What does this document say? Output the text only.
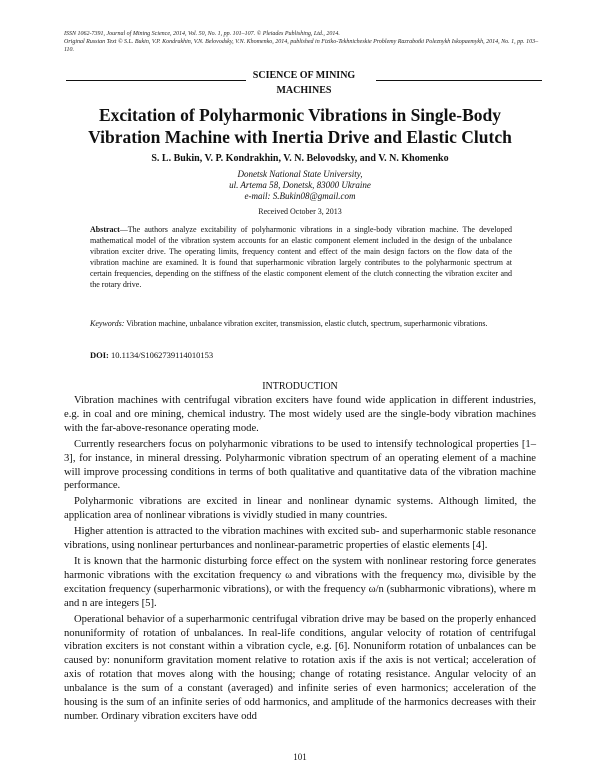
ISSN 1062-7391, Journal of Mining Science, 2014, Vol. 50, No. 1, pp. 101–107. © Pleiades Publishing, Ltd., 2014.
Original Russian Text © S.L. Bukin, V.P. Kondrakhin, V.N. Belovodsky, V.N. Khomenko, 2014, published in Fiziko-Tekhnicheskie Problemy Razrabotki Poleznykh Iskopaemykh, 2014, No. 1, pp. 103–110.
SCIENCE OF MINING
MACHINES
Excitation of Polyharmonic Vibrations in Single-Body
Vibration Machine with Inertia Drive and Elastic Clutch
S. L. Bukin, V. P. Kondrakhin, V. N. Belovodsky, and V. N. Khomenko
Donetsk National State University,
ul. Artema 58, Donetsk, 83000 Ukraine
e-mail: S.Bukin08@gmail.com
Received October 3, 2013
Abstract—The authors analyze excitability of polyharmonic vibrations in a single-body vibration machine. The developed mathematical model of the vibration system accounts for an elastic component element included in the design of the unbalance vibration exciter drive. The operating limits, frequency content and effect of the main design factors on the flow data of the vibration machine are examined. It is found that superharmonic vibration largely contributes to the polyharmonic spectrum at certain frequencies, depending on the stiffness of the elastic component element of the clutch connecting the vibration exciter and the rotary drive.
Keywords: Vibration machine, unbalance vibration exciter, transmission, elastic clutch, spectrum, superharmonic vibrations.
DOI: 10.1134/S1062739114010153
INTRODUCTION

Vibration machines with centrifugal vibration exciters have found wide application in different industries, e.g. in coal and ore mining, chemical industry. The most widely used are the single-body vibration machines with the far-above-resonance operating mode.

Currently researchers focus on polyharmonic vibrations to be used to intensify technological properties [1–3], for instance, in mineral dressing. Polyharmonic vibration spectrum of an operating element of a machine will improve processing conditions in terms of both qualitative and quantitative data of the vibration machine performance.

Polyharmonic vibrations are excited in linear and nonlinear dynamic systems. Although limited, the application area of nonlinear vibrations is vividly studied in many countries.

Higher attention is attracted to the vibration machines with excited sub- and superharmonic stable resonance vibrations, using nonlinear perturbances and nonlinear-parametric properties of elastic elements [4].

It is known that the harmonic disturbing force effect on the system with nonlinear restoring force generates harmonic vibrations with the excitation frequency ω and vibrations with the frequency mω, divisible by the excitation frequency (superharmonic vibrations), or with the frequency ω/n (subharmonic vibrations), where m and n are integers [5].

Operational behavior of a superharmonic centrifugal vibration drive may be based on the properly enhanced nonuniformity of rotation of unbalances. In real-life conditions, angular velocity of rotation of centrifugal vibration exciters is not constant within a vibration cycle, e.g. [6]. Nonuniform rotation of unbalances can be caused by: nonuniform gravitation moment relative to rotation axis if the axis is not vertical; acceleration of axis of rotation that moves along with the housing; change of rotating resistance. Angular velocity of an unbalance is the sum of a constant (averaged) and infinite series of even harmonics; acceleration of the housing is the sum of an infinite series of odd harmonics, and amplitude of the harmonics decreases with their number. Ordinary vibration exciters have odd

101
